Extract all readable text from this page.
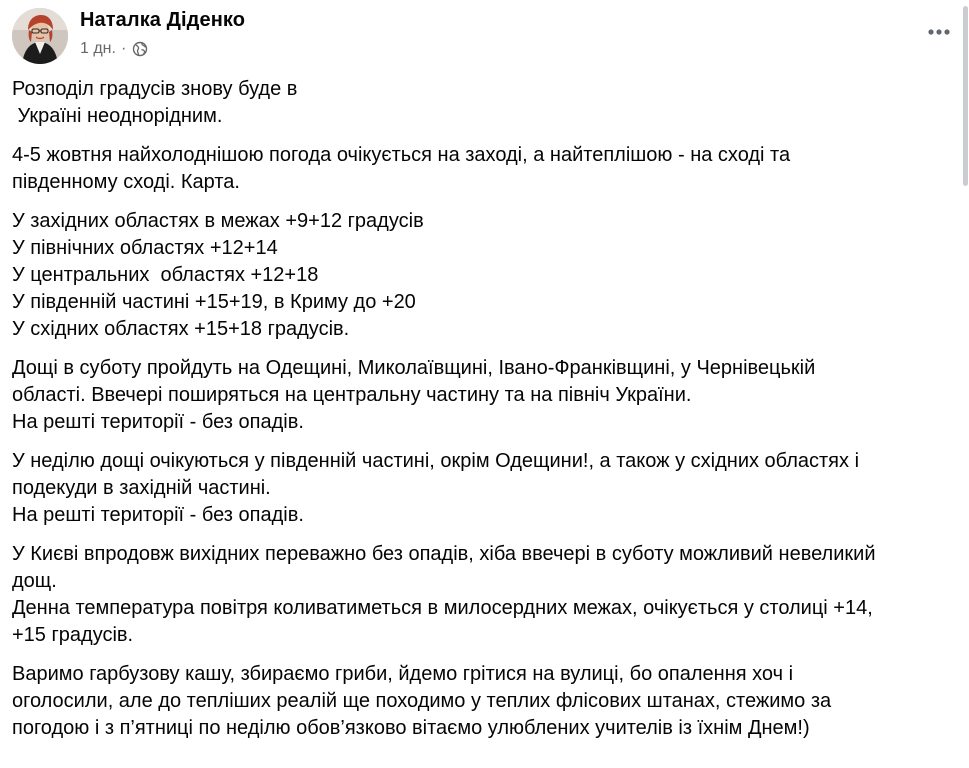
Наталка Діденко
1 дн. ·

Розподіл градусів знову буде в
Україні неоднорідним.

4-5 жовтня найхолоднішою погода очікується на заході, а найтеплішою - на сході та
південному сході. Карта.

У західних областях в межах +9+12 градусів
У північних областях +12+14
У центральних  областях +12+18
У південній частині +15+19, в Криму до +20
У східних областях +15+18 градусів.

Дощі в суботу пройдуть на Одещині, Миколаївщині, Івано-Франківщині, у Чернівецькій
області. Ввечері поширяться на центральну частину та на північ України.
На решті території - без опадів.

У неділю дощі очікуються у південній частині, окрім Одещини!, а також у східних областях і
подекуди в західній частині.
На решті території - без опадів.

У Києві впродовж вихідних переважно без опадів, хіба ввечері в суботу можливий невеликий
дощ.
Денна температура повітря коливатиметься в милосердних межах, очікується у столиці +14,
+15 градусів.

Варимо гарбузову кашу, збираємо гриби, йдемо грітися на вулиці, бо опалення хоч і
оголосили, але до тепліших реалій ще походимо у теплих флісових штанах, стежимо за
погодою і з п’ятниці по неділю обов’язково вітаємо улюблених учителів із їхнім Днем!)
